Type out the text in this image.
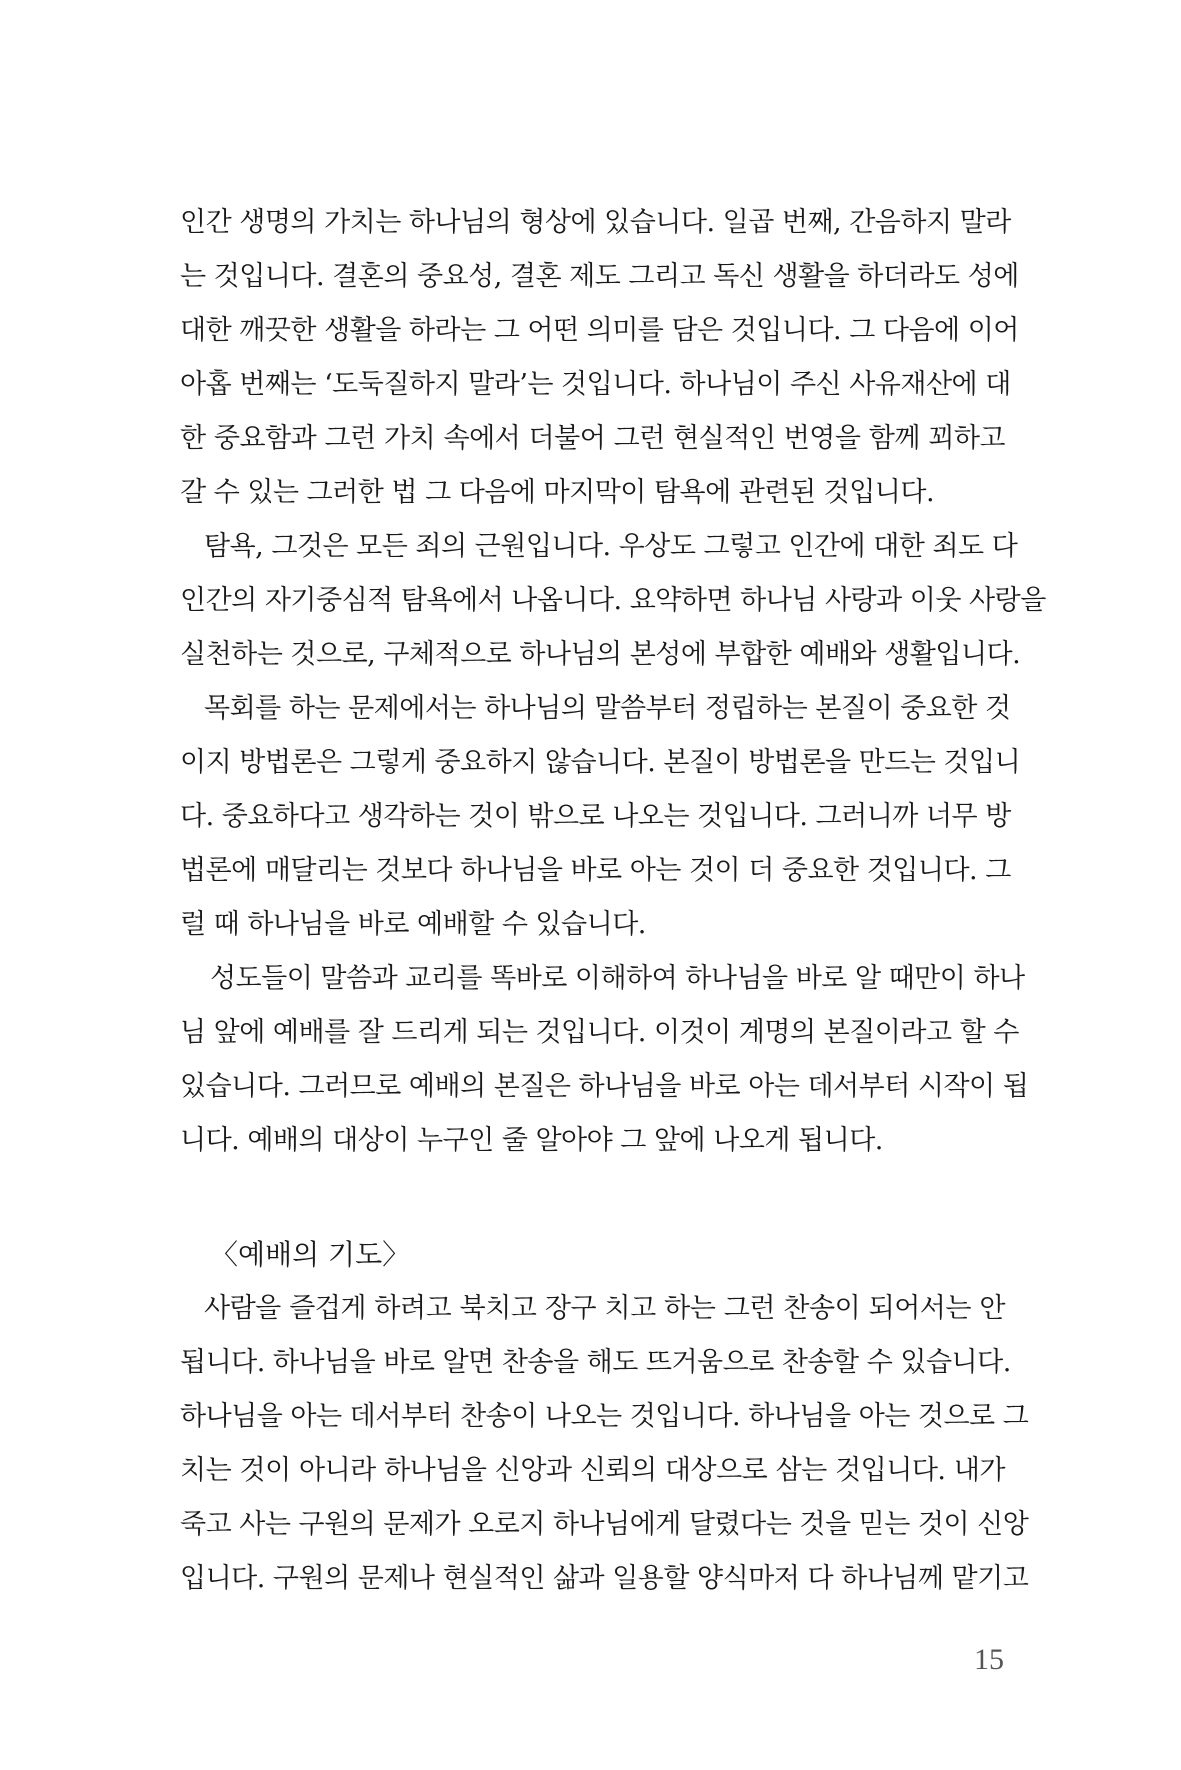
인간 생명의 가치는 하나님의 형상에 있습니다. 일곱 번째, 간음하지 말라
는 것입니다. 결혼의 중요성, 결혼 제도 그리고 독신 생활을 하더라도 성에
대한 깨끗한 생활을 하라는 그 어떤 의미를 담은 것입니다. 그 다음에 이어
아홉 번째는 ‘도둑질하지 말라’는 것입니다. 하나님이 주신 사유재산에 대
한 중요함과 그런 가치 속에서 더불어 그런 현실적인 번영을 함께 꾀하고
갈 수 있는 그러한 법 그 다음에 마지막이 탐욕에 관련된 것입니다.
탐욕, 그것은 모든 죄의 근원입니다. 우상도 그렇고 인간에 대한 죄도 다
인간의 자기중심적 탐욕에서 나옵니다. 요약하면 하나님 사랑과 이웃 사랑을
실천하는 것으로, 구체적으로 하나님의 본성에 부합한 예배와 생활입니다.
목회를 하는 문제에서는 하나님의 말씀부터 정립하는 본질이 중요한 것
이지 방법론은 그렇게 중요하지 않습니다. 본질이 방법론을 만드는 것입니
다. 중요하다고 생각하는 것이 밖으로 나오는 것입니다. 그러니까 너무 방
법론에 매달리는 것보다 하나님을 바로 아는 것이 더 중요한 것입니다. 그
럴 때 하나님을 바로 예배할 수 있습니다.
성도들이 말씀과 교리를 똑바로 이해하여 하나님을 바로 알 때만이 하나
님 앞에 예배를 잘 드리게 되는 것입니다. 이것이 계명의 본질이라고 할 수
있습니다. 그러므로 예배의 본질은 하나님을 바로 아는 데서부터 시작이 됩
니다. 예배의 대상이 누구인 줄 알아야 그 앞에 나오게 됩니다.
〈예배의 기도〉
사람을 즐겁게 하려고 북치고 장구 치고 하는 그런 찬송이 되어서는 안
됩니다. 하나님을 바로 알면 찬송을 해도 뜨거움으로 찬송할 수 있습니다.
하나님을 아는 데서부터 찬송이 나오는 것입니다. 하나님을 아는 것으로 그
치는 것이 아니라 하나님을 신앙과 신뢰의 대상으로 삼는 것입니다. 내가
죽고 사는 구원의 문제가 오로지 하나님에게 달렸다는 것을 믿는 것이 신앙
입니다. 구원의 문제나 현실적인 삶과 일용할 양식마저 다 하나님께 맡기고
15
